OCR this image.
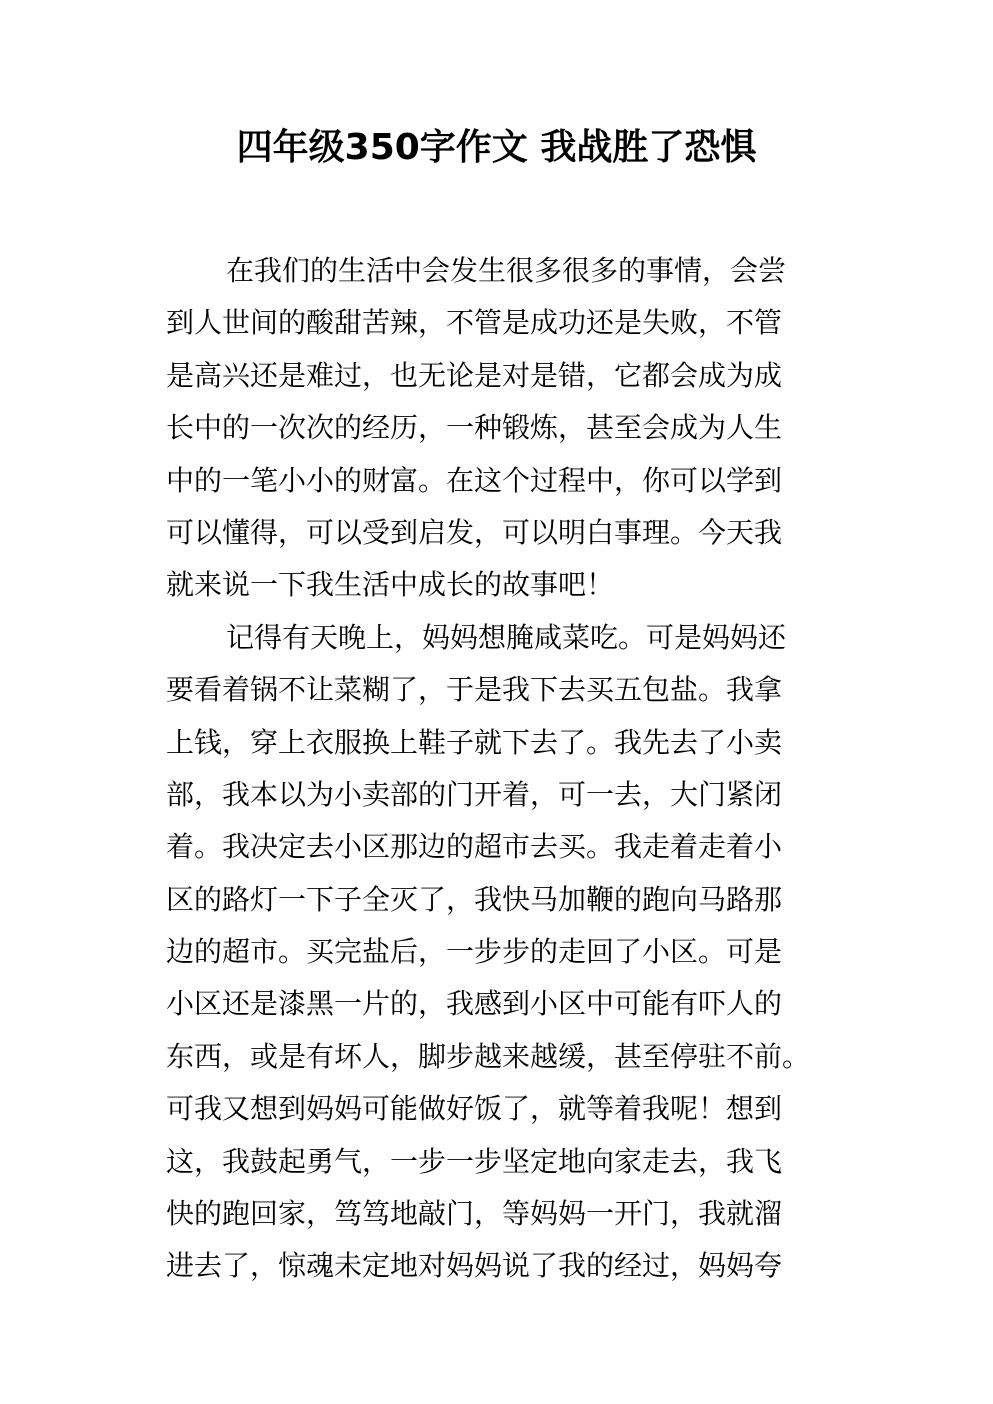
四年级350字作文 我战胜了恐惧
在我们的生活中会发生很多很多的事情，会尝
到人世间的酸甜苦辣，不管是成功还是失败，不管
是高兴还是难过，也无论是对是错，它都会成为成
长中的一次次的经历，一种锻炼，甚至会成为人生
中的一笔小小的财富。在这个过程中，你可以学到
可以懂得，可以受到启发，可以明白事理。今天我
就来说一下我生活中成长的故事吧！
记得有天晚上，妈妈想腌咸菜吃。可是妈妈还
要看着锅不让菜糊了，于是我下去买五包盐。我拿
上钱，穿上衣服换上鞋子就下去了。我先去了小卖
部，我本以为小卖部的门开着，可一去，大门紧闭
着。我决定去小区那边的超市去买。我走着走着小
区的路灯一下子全灭了，我快马加鞭的跑向马路那
边的超市。买完盐后，一步步的走回了小区。可是
小区还是漆黑一片的，我感到小区中可能有吓人的
东西，或是有坏人，脚步越来越缓，甚至停驻不前。
可我又想到妈妈可能做好饭了，就等着我呢！想到
这，我鼓起勇气，一步一步坚定地向家走去，我飞
快的跑回家，笃笃地敲门，等妈妈一开门，我就溜
进去了，惊魂未定地对妈妈说了我的经过，妈妈夸
